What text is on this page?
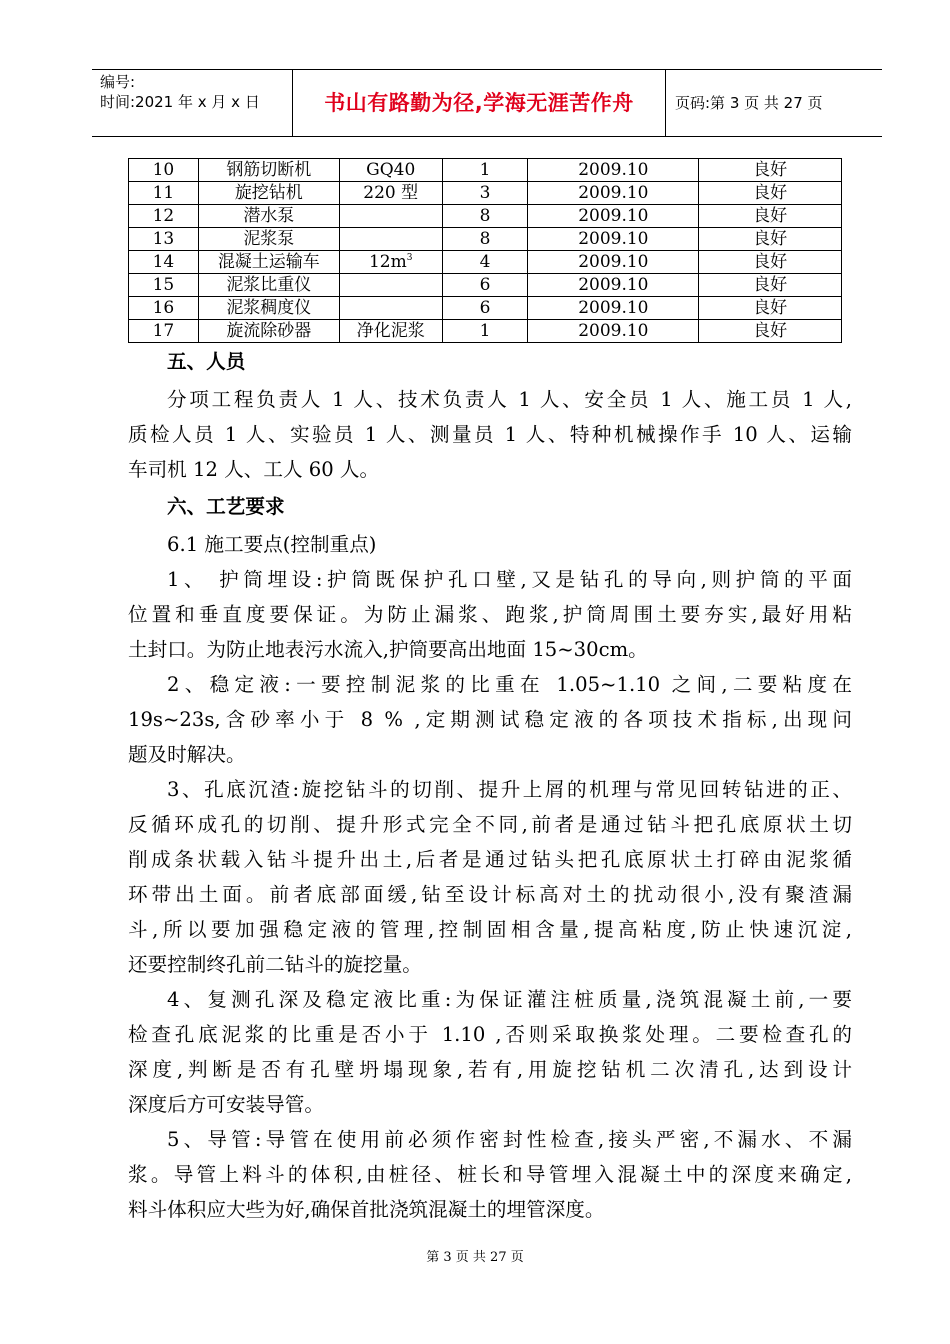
编号:
时间:2021 年 x 月 x 日	书山有路勤为径,学海无涯苦作舟	页码:第 3 页 共 27 页
10	钢筋切断机	GQ40	1	2009.10	良好
11	旋挖钻机	220 型	3	2009.10	良好
12	潜水泵		8	2009.10	良好
13	泥浆泵		8	2009.10	良好
14	混凝土运输车	$12m^3$	4	2009.10	良好
15	泥浆比重仪		6	2009.10	良好
16	泥浆稠度仪		6	2009.10	良好
17	旋流除砂器	净化泥浆	1	2009.10	良好
五、人员

分项工程负责人 1 人、技术负责人 1 人、安全员 1 人、施工员 1 人,
质检人员 1 人、实验员 1 人、测量员 1 人、特种机械操作手 10 人、运输
车司机 12 人、工人 60 人。

六、工艺要求

6.1 施工要点(控制重点)

1、 护筒埋设:护筒既保护孔口壁,又是钻孔的导向,则护筒的平面
位置和垂直度要保证。为防止漏浆、跑浆,护筒周围土要夯实,最好用粘
土封口。为防止地表污水流入,护筒要高出地面 15~30cm。

2、稳定液:一要控制泥浆的比重在 1.05~1.10 之间,二要粘度在
19s~23s,含砂率小于 8 % ,定期测试稳定液的各项技术指标,出现问
题及时解决。

3、孔底沉渣:旋挖钻斗的切削、提升上屑的机理与常见回转钻进的正、
反循环成孔的切削、提升形式完全不同,前者是通过钻斗把孔底原状土切
削成条状载入钻斗提升出土,后者是通过钻头把孔底原状土打碎由泥浆循
环带出土面。前者底部面缓,钻至设计标高对土的扰动很小,没有聚渣漏
斗,所以要加强稳定液的管理,控制固相含量,提高粘度,防止快速沉淀,
还要控制终孔前二钻斗的旋挖量。

4、复测孔深及稳定液比重:为保证灌注桩质量,浇筑混凝土前,一要
检查孔底泥浆的比重是否小于 1.10 ,否则采取换浆处理。二要检查孔的
深度,判断是否有孔壁坍塌现象,若有,用旋挖钻机二次清孔,达到设计
深度后方可安装导管。

5、导管:导管在使用前必须作密封性检查,接头严密,不漏水、不漏
浆。导管上料斗的体积,由桩径、桩长和导管埋入混凝土中的深度来确定,
料斗体积应大些为好,确保首批浇筑混凝土的埋管深度。

第 3 页 共 27 页
